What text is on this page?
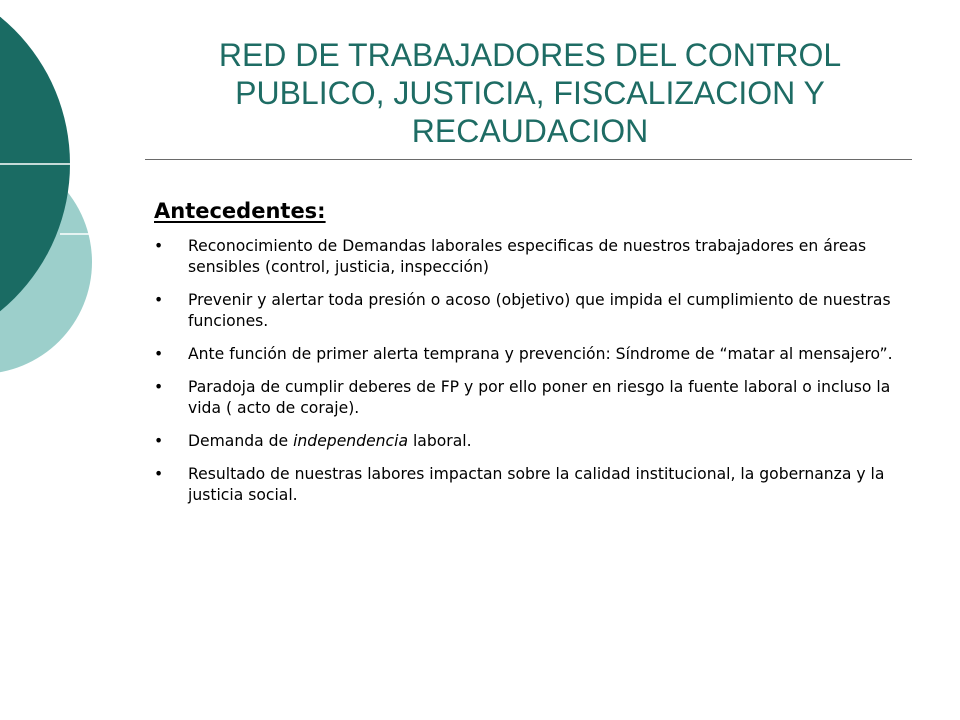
RED DE TRABAJADORES DEL CONTROL PUBLICO, JUSTICIA, FISCALIZACION Y RECAUDACION
Antecedentes:
• Reconocimiento de Demandas laborales especificas de nuestros trabajadores en áreas sensibles (control, justicia, inspección)
• Prevenir y alertar toda presión o acoso (objetivo) que impida el cumplimiento de nuestras funciones.
• Ante función de primer alerta temprana y prevención: Síndrome de “matar al mensajero”.
• Paradoja de cumplir deberes de FP y por ello poner en riesgo la fuente laboral o incluso la vida ( acto de coraje).
• Demanda de independencia laboral.
• Resultado de nuestras labores impactan sobre la calidad institucional, la gobernanza y la justicia social.
